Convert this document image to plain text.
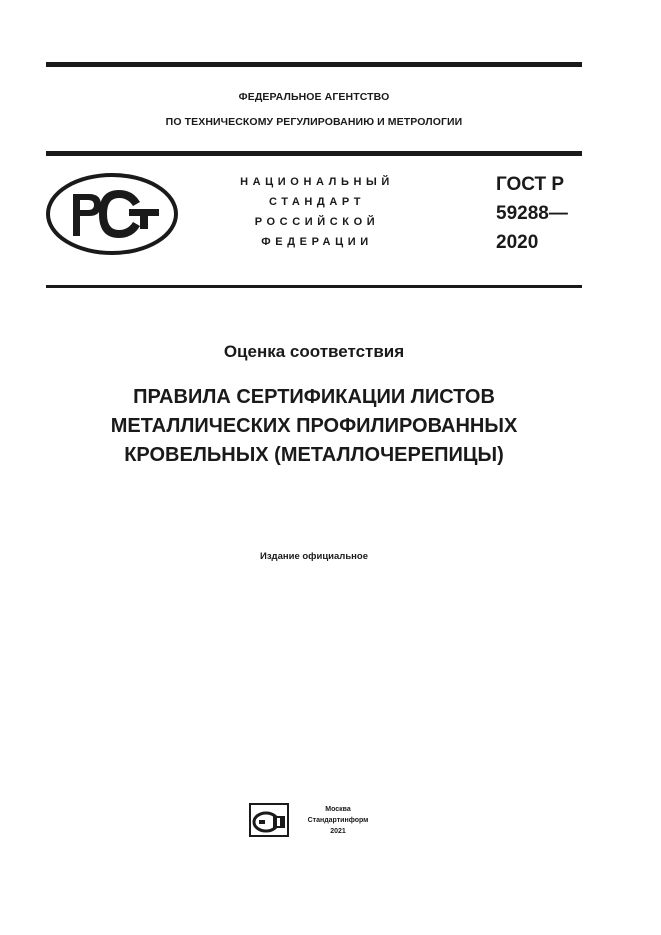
ФЕДЕРАЛЬНОЕ АГЕНТСТВО
ПО ТЕХНИЧЕСКОМУ РЕГУЛИРОВАНИЮ И МЕТРОЛОГИИ
НАЦИОНАЛЬНЫЙ
СТАНДАРТ
РОССИЙСКОЙ
ФЕДЕРАЦИИ
ГОСТ Р
59288—
2020
Оценка соответствия
ПРАВИЛА СЕРТИФИКАЦИИ ЛИСТОВ
МЕТАЛЛИЧЕСКИХ ПРОФИЛИРОВАННЫХ
КРОВЕЛЬНЫХ (МЕТАЛЛОЧЕРЕПИЦЫ)
Издание официальное
Москва
Стандартинформ
2021
